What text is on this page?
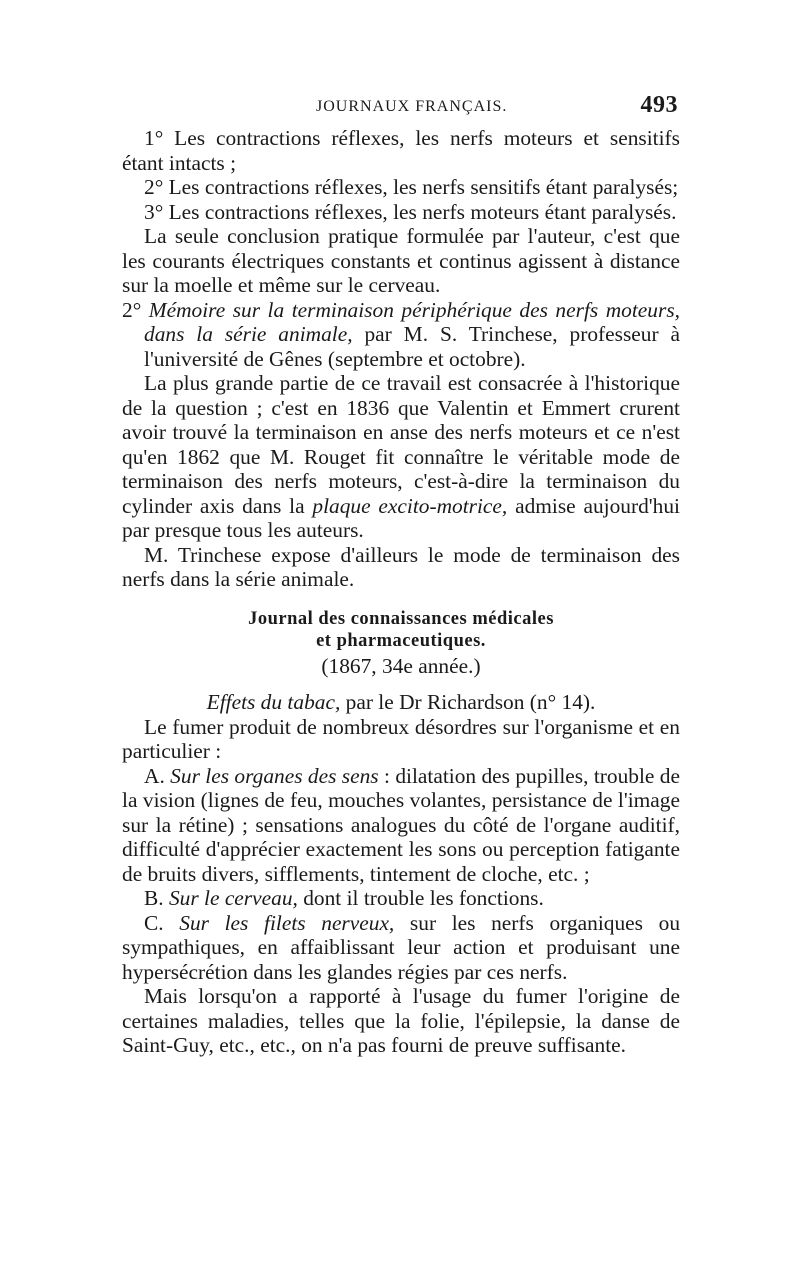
JOURNAUX FRANÇAIS.	493

1° Les contractions réflexes, les nerfs moteurs et sensitifs étant intacts ;

2° Les contractions réflexes, les nerfs sensitifs étant paralysés;

3° Les contractions réflexes, les nerfs moteurs étant paralysés.

La seule conclusion pratique formulée par l'auteur, c'est que les courants électriques constants et continus agissent à distance sur la moelle et même sur le cerveau.

2° Mémoire sur la terminaison périphérique des nerfs moteurs, dans la série animale, par M. S. Trinchese, professeur à l'université de Gênes (septembre et octobre).

La plus grande partie de ce travail est consacrée à l'historique de la question ; c'est en 1836 que Valentin et Emmert crurent avoir trouvé la terminaison en anse des nerfs moteurs et ce n'est qu'en 1862 que M. Rouget fit connaître le véritable mode de terminaison des nerfs moteurs, c'est-à-dire la terminaison du cylinder axis dans la plaque excito-motrice, admise aujourd'hui par presque tous les auteurs.

M. Trinchese expose d'ailleurs le mode de terminaison des nerfs dans la série animale.

Journal des connaissances médicales
et pharmaceutiques.

(1867, 34e année.)

Effets du tabac, par le Dr Richardson (n° 14).

Le fumer produit de nombreux désordres sur l'organisme et en particulier :

A. Sur les organes des sens : dilatation des pupilles, trouble de la vision (lignes de feu, mouches volantes, persistance de l'image sur la rétine) ; sensations analogues du côté de l'organe auditif, difficulté d'apprécier exactement les sons ou perception fatigante de bruits divers, sifflements, tintement de cloche, etc. ;

B. Sur le cerveau, dont il trouble les fonctions.

C. Sur les filets nerveux, sur les nerfs organiques ou sympathiques, en affaiblissant leur action et produisant une hypersécrétion dans les glandes régies par ces nerfs.

Mais lorsqu'on a rapporté à l'usage du fumer l'origine de certaines maladies, telles que la folie, l'épilepsie, la danse de Saint-Guy, etc., etc., on n'a pas fourni de preuve suffisante.
